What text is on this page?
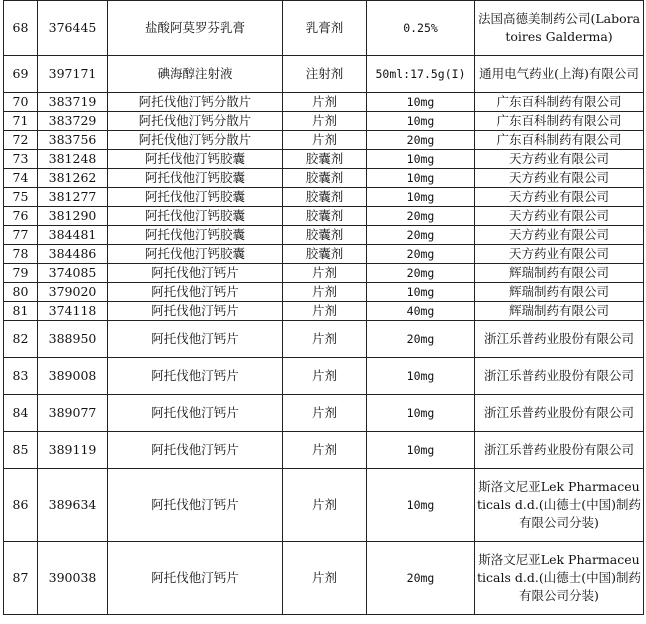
68	376445	盐酸阿莫罗芬乳膏	乳膏剂	0.25%	法国高德美制药公司(Laboratoires Galderma)
69	397171	碘海醇注射液	注射剂	50ml:17.5g(I)	通用电气药业(上海)有限公司
70	383719	阿托伐他汀钙分散片	片剂	10mg	广东百科制药有限公司
71	383729	阿托伐他汀钙分散片	片剂	10mg	广东百科制药有限公司
72	383756	阿托伐他汀钙分散片	片剂	20mg	广东百科制药有限公司
73	381248	阿托伐他汀钙胶囊	胶囊剂	10mg	天方药业有限公司
74	381262	阿托伐他汀钙胶囊	胶囊剂	10mg	天方药业有限公司
75	381277	阿托伐他汀钙胶囊	胶囊剂	10mg	天方药业有限公司
76	381290	阿托伐他汀钙胶囊	胶囊剂	20mg	天方药业有限公司
77	384481	阿托伐他汀钙胶囊	胶囊剂	20mg	天方药业有限公司
78	384486	阿托伐他汀钙胶囊	胶囊剂	20mg	天方药业有限公司
79	374085	阿托伐他汀钙片	片剂	20mg	辉瑞制药有限公司
80	379020	阿托伐他汀钙片	片剂	10mg	辉瑞制药有限公司
81	374118	阿托伐他汀钙片	片剂	40mg	辉瑞制药有限公司
82	388950	阿托伐他汀钙片	片剂	20mg	浙江乐普药业股份有限公司
83	389008	阿托伐他汀钙片	片剂	10mg	浙江乐普药业股份有限公司
84	389077	阿托伐他汀钙片	片剂	10mg	浙江乐普药业股份有限公司
85	389119	阿托伐他汀钙片	片剂	10mg	浙江乐普药业股份有限公司
86	389634	阿托伐他汀钙片	片剂	10mg	斯洛文尼亚Lek Pharmaceuticals d.d.(山德士(中国)制药有限公司分装)
87	390038	阿托伐他汀钙片	片剂	20mg	斯洛文尼亚Lek Pharmaceuticals d.d.(山德士(中国)制药有限公司分装)
